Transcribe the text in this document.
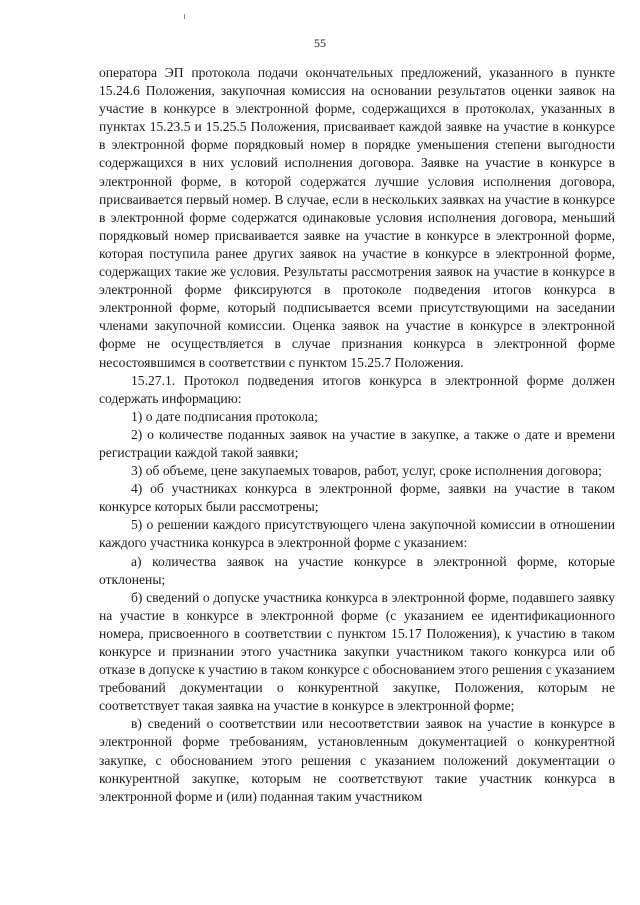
55

оператора ЭП протокола подачи окончательных предложений, указанного в пункте 15.24.6 Положения, закупочная комиссия на основании результатов оценки заявок на участие в конкурсе в электронной форме, содержащихся в протоколах, указанных в пунктах 15.23.5 и 15.25.5 Положения, присваивает каждой заявке на участие в конкурсе в электронной форме порядковый номер в порядке уменьшения степени выгодности содержащихся в них условий исполнения договора. Заявке на участие в конкурсе в электронной форме, в которой содержатся лучшие условия исполнения договора, присваивается первый номер. В случае, если в нескольких заявках на участие в конкурсе в электронной форме содержатся одинаковые условия исполнения договора, меньший порядковый номер присваивается заявке на участие в конкурсе в электронной форме, которая поступила ранее других заявок на участие в конкурсе в электронной форме, содержащих такие же условия. Результаты рассмотрения заявок на участие в конкурсе в электронной форме фиксируются в протоколе подведения итогов конкурса в электронной форме, который подписывается всеми присутствующими на заседании членами закупочной комиссии. Оценка заявок на участие в конкурсе в электронной форме не осуществляется в случае признания конкурса в электронной форме несостоявшимся в соответствии с пунктом 15.25.7 Положения.

15.27.1. Протокол подведения итогов конкурса в электронной форме должен содержать информацию:

1) о дате подписания протокола;

2) о количестве поданных заявок на участие в закупке, а также о дате и времени регистрации каждой такой заявки;

3) об объеме, цене закупаемых товаров, работ, услуг, сроке исполнения договора;

4) об участниках конкурса в электронной форме, заявки на участие в таком конкурсе которых были рассмотрены;

5) о решении каждого присутствующего члена закупочной комиссии в отношении каждого участника конкурса в электронной форме с указанием:

а) количества заявок на участие конкурсе в электронной форме, которые отклонены;

б) сведений о допуске участника конкурса в электронной форме, подавшего заявку на участие в конкурсе в электронной форме (с указанием ее идентификационного номера, присвоенного в соответствии с пунктом 15.17 Положения), к участию в таком конкурсе и признании этого участника закупки участником такого конкурса или об отказе в допуске к участию в таком конкурсе с обоснованием этого решения с указанием требований документации о конкурентной закупке, Положения, которым не соответствует такая заявка на участие в конкурсе в электронной форме;

в) сведений о соответствии или несоответствии заявок на участие в конкурсе в электронной форме требованиям, установленным документацией о конкурентной закупке, с обоснованием этого решения с указанием положений документации о конкурентной закупке, которым не соответствуют такие участник конкурса в электронной форме и (или) поданная таким участником
